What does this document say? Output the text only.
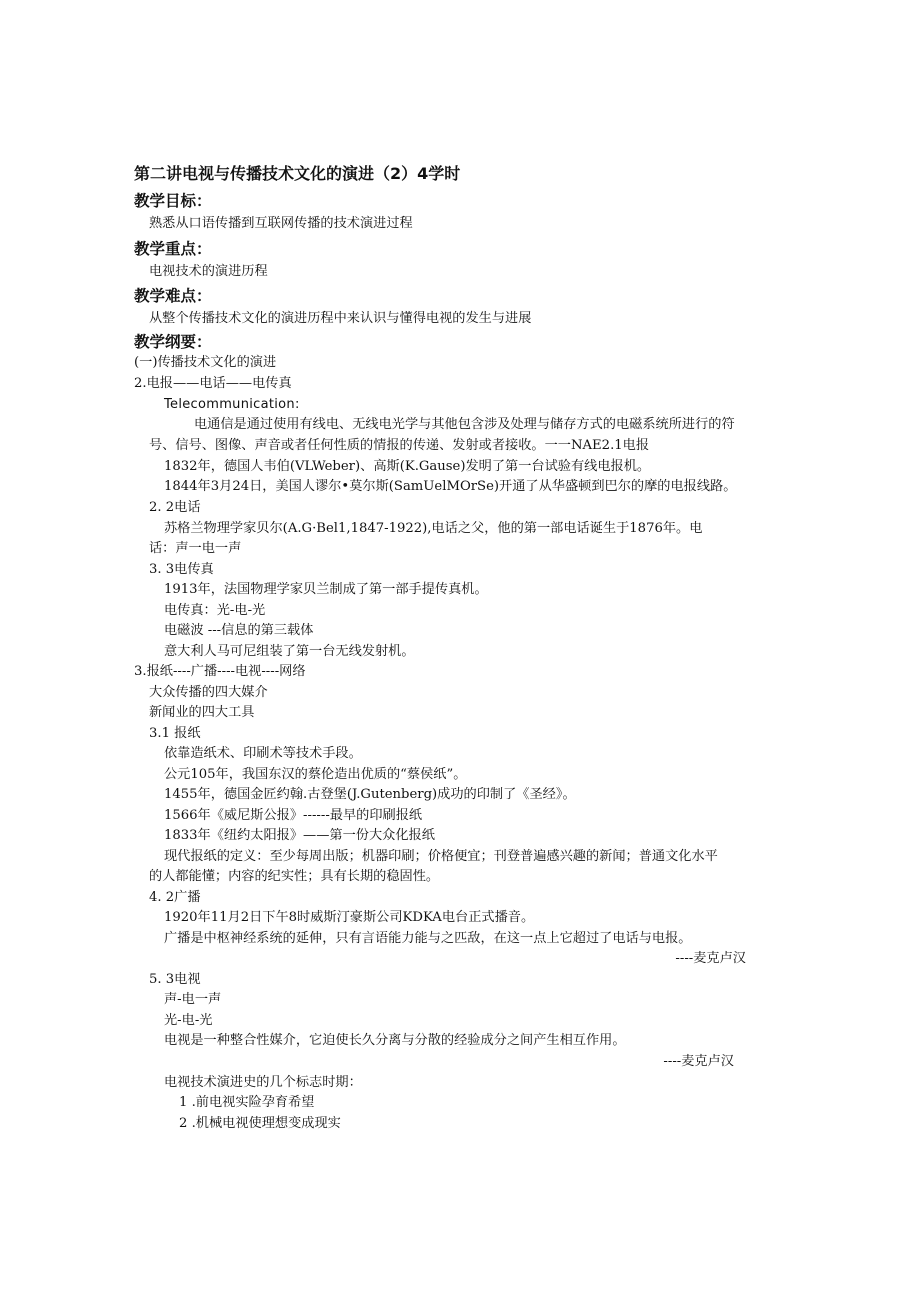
第二讲电视与传播技术文化的演进（2）4学时
教学目标：
熟悉从口语传播到互联网传播的技术演进过程
教学重点：
电视技术的演进历程
教学难点：
从整个传播技术文化的演进历程中来认识与懂得电视的发生与进展
教学纲要：
(一)传播技术文化的演进
2.电报——电话——电传真
Telecommunication:
电通信是通过使用有线电、无线电光学与其他包含涉及处理与储存方式的电磁系统所进行的符
号、信号、图像、声音或者任何性质的情报的传递、发射或者接收。一一NAE2.1电报
1832年，德国人韦伯(VLWeber)、高斯(K.Gause)发明了第一台试验有线电报机。
1844年3月24日，美国人谬尔•莫尔斯(SamUelMOrSe)开通了从华盛顿到巴尔的摩的电报线路。
2. 2电话
苏格兰物理学家贝尔(A.G·Bel1,1847-1922),电话之父，他的第一部电话诞生于1876年。电
话：声一电一声
3. 3电传真
1913年，法国物理学家贝兰制成了第一部手提传真机。
电传真：光-电-光
电磁波 ---信息的第三载体
意大利人马可尼组装了第一台无线发射机。
3.报纸----广播----电视----网络
大众传播的四大媒介
新闻业的四大工具
3.1 报纸
依靠造纸术、印刷术等技术手段。
公元105年，我国东汉的蔡伦造出优质的“蔡侯纸”。
1455年，德国金匠约翰.古登堡(J.Gutenberg)成功的印制了《圣经》。
1566年《威尼斯公报》------最早的印刷报纸
1833年《纽约太阳报》——第一份大众化报纸
现代报纸的定义：至少每周出版；机器印刷；价格便宜；刊登普遍感兴趣的新闻；普通文化水平
的人都能懂；内容的纪实性；具有长期的稳固性。
4. 2广播
1920年11月2日下午8时威斯汀豪斯公司KDKA电台正式播音。
广播是中枢神经系统的延伸，只有言语能力能与之匹敌，在这一点上它超过了电话与电报。
----麦克卢汉
5. 3电视
声-电一声
光-电-光
电视是一种整合性媒介，它迫使长久分离与分散的经验成分之间产生相互作用。
----麦克卢汉
电视技术演进史的几个标志时期：
1 .前电视实险孕育希望
2 .机械电视使理想变成现实
